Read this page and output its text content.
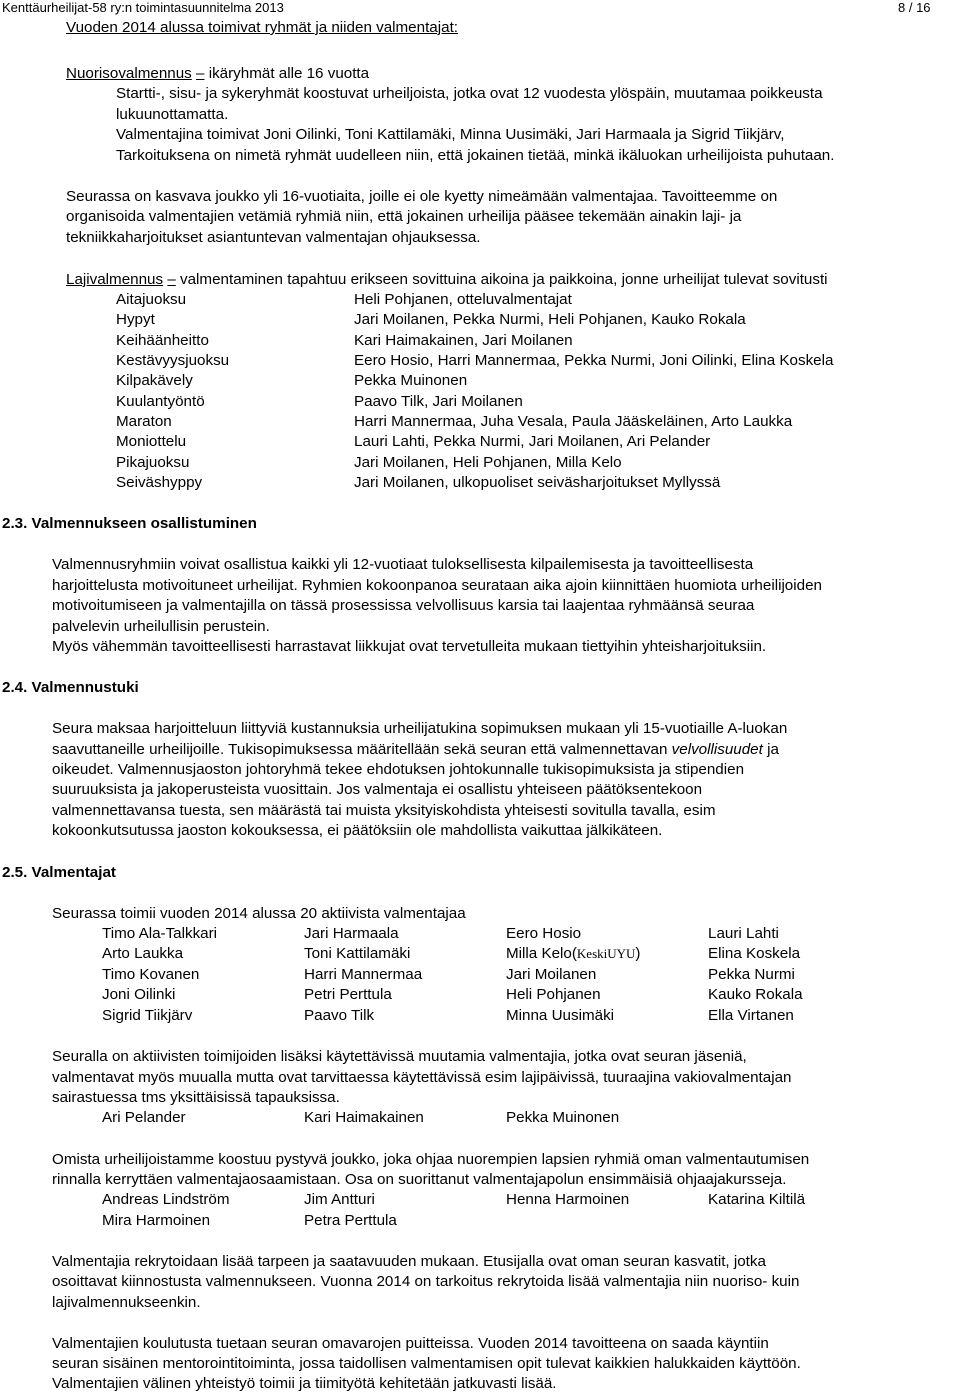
Kenttäurheilijat-58 ry:n toimintasuunnitelma 2013	8 / 16
Vuoden 2014 alussa toimivat ryhmät ja niiden valmentajat:
Nuorisovalmennus – ikäryhmät alle 16 vuotta
Startti-, sisu- ja sykeryhmät koostuvat urheiljoista, jotka ovat 12 vuodesta ylöspäin, muutamaa poikkeusta
lukuunottamatta.
Valmentajina toimivat Joni Oilinki, Toni Kattilamäki, Minna Uusimäki, Jari Harmaala ja Sigrid Tiikjärv,
Tarkoituksena on nimetä ryhmät uudelleen niin, että jokainen tietää, minkä ikäluokan urheilijoista puhutaan.
Seurassa on kasvava joukko yli 16-vuotiaita, joille ei ole kyetty nimeämään valmentajaa. Tavoitteemme on
organisoida valmentajien vetämiä ryhmiä niin, että jokainen urheilija pääsee tekemään ainakin laji- ja
tekniikkaharjoitukset asiantuntevan valmentajan ohjauksessa.
Lajivalmennus – valmentaminen tapahtuu erikseen sovittuina aikoina ja paikkoina, jonne urheilijat tulevat sovitusti
Aitajuoksu	Heli Pohjanen, otteluvalmentajat
Hypyt	Jari Moilanen, Pekka Nurmi, Heli Pohjanen, Kauko Rokala
Keihäänheitto	Kari Haimakainen, Jari Moilanen
Kestävyysjuoksu	Eero Hosio, Harri Mannermaa, Pekka Nurmi, Joni Oilinki, Elina Koskela
Kilpakävely	Pekka Muinonen
Kuulantyöntö	Paavo Tilk, Jari Moilanen
Maraton	Harri Mannermaa, Juha Vesala, Paula Jääskeläinen, Arto Laukka
Moniottelu	Lauri Lahti, Pekka Nurmi, Jari Moilanen, Ari Pelander
Pikajuoksu	Jari Moilanen, Heli Pohjanen, Milla Kelo
Seiväshyppy	Jari Moilanen, ulkopuoliset seiväsharjoitukset Myllyssä
2.3. Valmennukseen osallistuminen
Valmennusryhmiin voivat osallistua kaikki yli 12-vuotiaat tuloksellisesta kilpailemisesta ja tavoitteellisesta
harjoittelusta motivoituneet urheilijat. Ryhmien kokoonpanoa seurataan aika ajoin kiinnittäen huomiota urheilijoiden
motivoitumiseen ja valmentajilla on tässä prosessissa velvollisuus karsia tai laajentaa ryhmäänsä seuraa
palvelevin urheilullisin perustein.
Myös vähemmän tavoitteellisesti harrastavat liikkujat ovat tervetulleita mukaan tiettyihin yhteisharjoituksiin.
2.4. Valmennustuki
Seura maksaa harjoitteluun liittyviä kustannuksia urheilijatukina sopimuksen mukaan yli 15-vuotiaille A-luokan
saavuttaneille urheilijoille. Tukisopimuksessa määritellään sekä seuran että valmennettavan velvollisuudet ja
oikeudet. Valmennusjaoston johtoryhmä tekee ehdotuksen johtokunnalle tukisopimuksista ja stipendien
suuruuksista ja jakoperusteista vuosittain. Jos valmentaja ei osallistu yhteiseen päätöksentekoon
valmennettavansa tuesta, sen määrästä tai muista yksityiskohdista yhteisesti sovitulla tavalla, esim
kokoonkutsutussa jaoston kokouksessa, ei päätöksiin ole mahdollista vaikuttaa jälkikäteen.
2.5. Valmentajat
Seurassa toimii vuoden 2014 alussa 20 aktiivista valmentajaa
Timo Ala-Talkkari	Jari Harmaala	Eero Hosio	Lauri Lahti
Arto Laukka	Toni Kattilamäki	Milla Kelo(KeskiUYU)	Elina Koskela
Timo Kovanen	Harri Mannermaa	Jari Moilanen	Pekka Nurmi
Joni Oilinki	Petri Perttula	Heli Pohjanen	Kauko Rokala
Sigrid Tiikjärv	Paavo Tilk	Minna Uusimäki	Ella Virtanen
Seuralla on aktiivisten toimijoiden lisäksi käytettävissä muutamia valmentajia, jotka ovat seuran jäseniä,
valmentavat myös muualla mutta ovat tarvittaessa käytettävissä esim lajipäivissä, tuuraajina vakiovalmentajan
sairastuessa tms yksittäisissä tapauksissa.
Ari Pelander	Kari Haimakainen	Pekka Muinonen
Omista urheilijoistamme koostuu pystyvä joukko, joka ohjaa nuorempien lapsien ryhmiä oman valmentautumisen
rinnalla kerryttäen valmentajaosaamistaan. Osa on suorittanut valmentajapolun ensimmäisiä ohjaajakursseja.
Andreas Lindström	Jim Antturi	Henna Harmoinen	Katarina Kiltilä
Mira Harmoinen	Petra Perttula
Valmentajia rekrytoidaan lisää tarpeen ja saatavuuden mukaan. Etusijalla ovat oman seuran kasvatit, jotka
osoittavat kiinnostusta valmennukseen. Vuonna 2014 on tarkoitus rekrytoida lisää valmentajia niin nuoriso- kuin
lajivalmennukseenkin.
Valmentajien koulutusta tuetaan seuran omavarojen puitteissa. Vuoden 2014 tavoitteena on saada käyntiin
seuran sisäinen mentorointitoiminta, jossa taidollisen valmentamisen opit tulevat kaikkien halukkaiden käyttöön.
Valmentajien välinen yhteistyö toimii ja tiimityötä kehitetään jatkuvasti lisää.
